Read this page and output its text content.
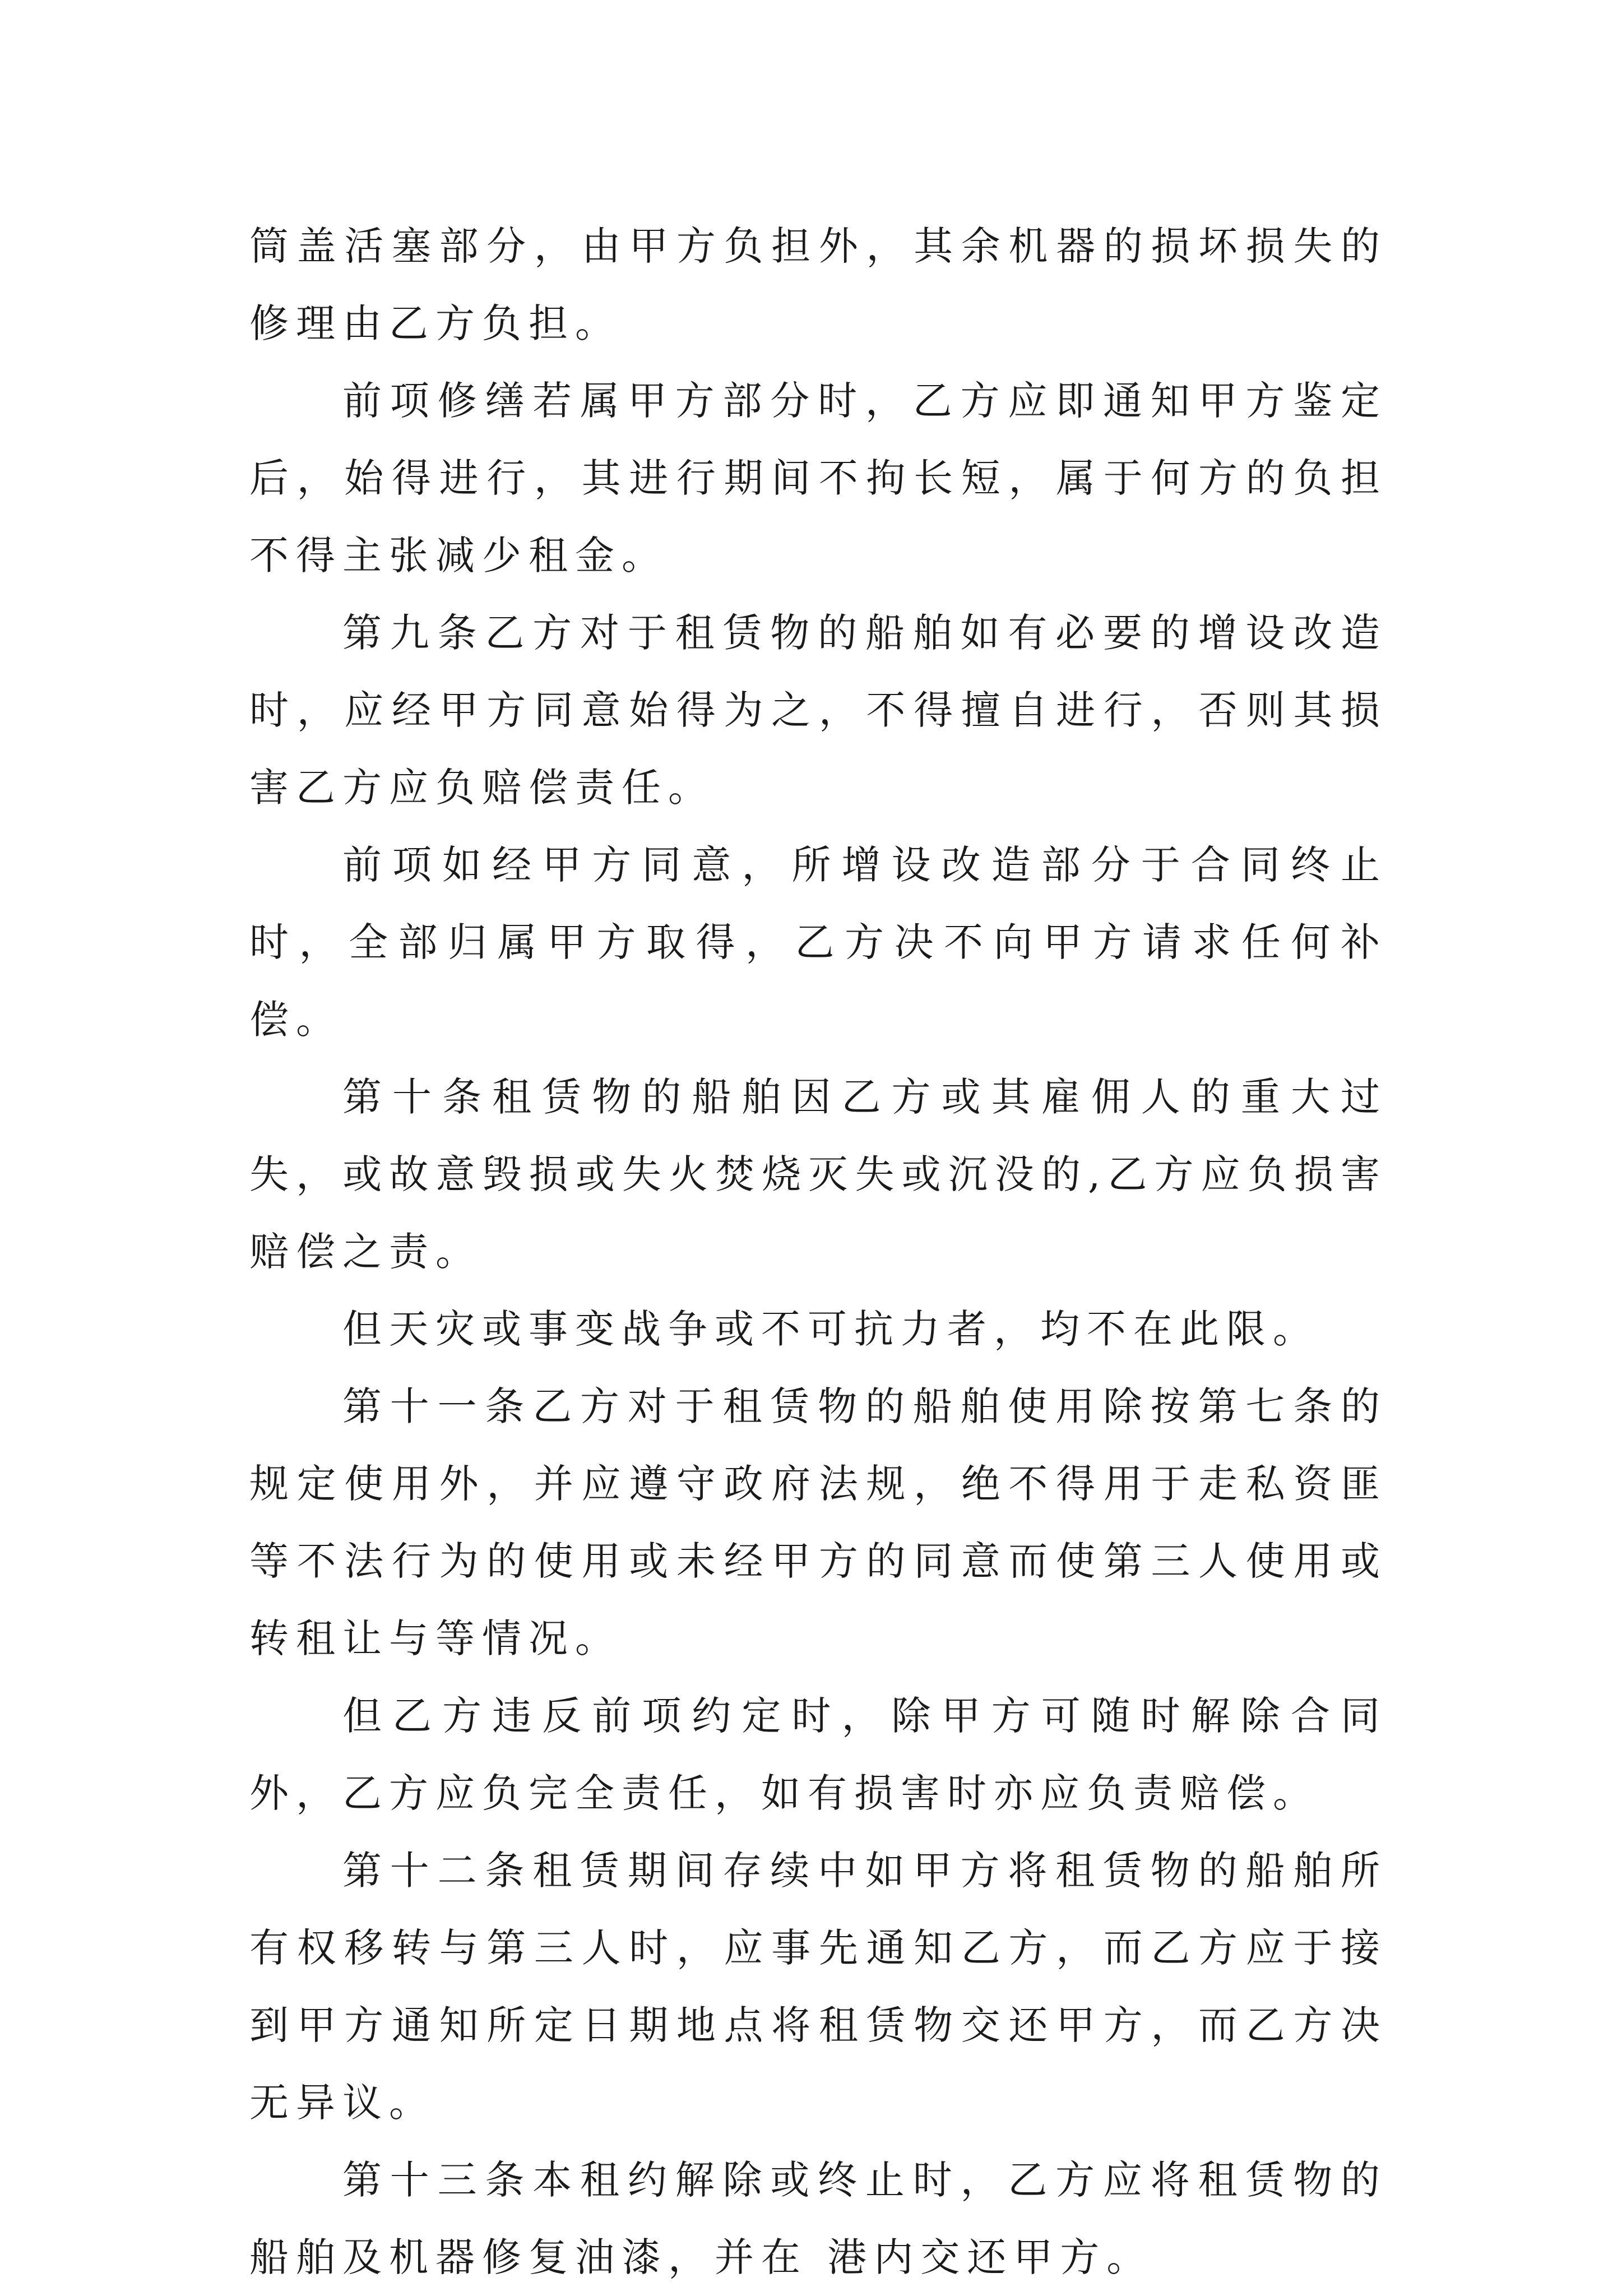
筒盖活塞部分，由甲方负担外，其余机器的损坏损失的修理由乙方负担。

前项修缮若属甲方部分时，乙方应即通知甲方鉴定后，始得进行，其进行期间不拘长短，属于何方的负担不得主张减少租金。

第九条乙方对于租赁物的船舶如有必要的增设改造时，应经甲方同意始得为之，不得擅自进行，否则其损害乙方应负赔偿责任。

前项如经甲方同意，所增设改造部分于合同终止时，全部归属甲方取得，乙方决不向甲方请求任何补偿。

第十条租赁物的船舶因乙方或其雇佣人的重大过失，或故意毁损或失火焚烧灭失或沉没的,乙方应负损害赔偿之责。

但天灾或事变战争或不可抗力者，均不在此限。

第十一条乙方对于租赁物的船舶使用除按第七条的规定使用外，并应遵守政府法规，绝不得用于走私资匪等不法行为的使用或未经甲方的同意而使第三人使用或转租让与等情况。

但乙方违反前项约定时，除甲方可随时解除合同外，乙方应负完全责任，如有损害时亦应负责赔偿。

第十二条租赁期间存续中如甲方将租赁物的船舶所有权移转与第三人时，应事先通知乙方，而乙方应于接到甲方通知所定日期地点将租赁物交还甲方，而乙方决无异议。

第十三条本租约解除或终止时，乙方应将租赁物的船舶及机器修复油漆，并在 港内交还甲方。
